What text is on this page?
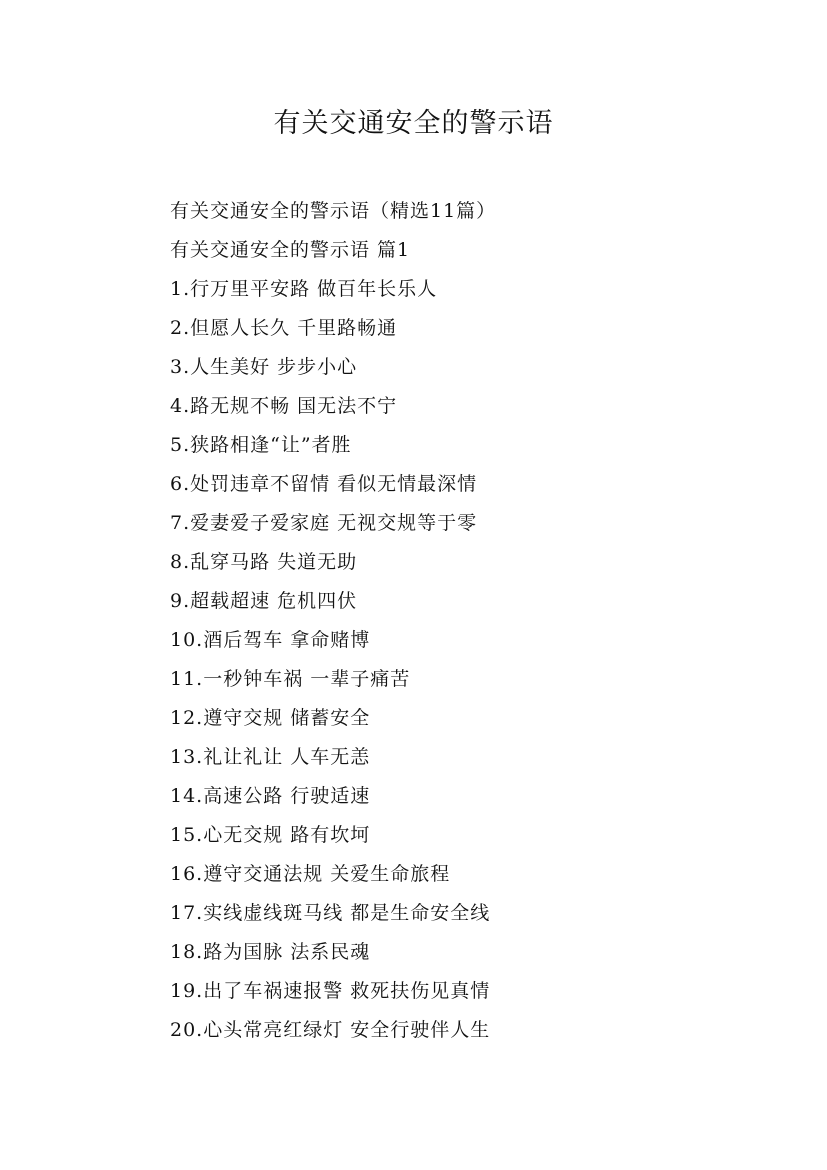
有关交通安全的警示语
有关交通安全的警示语（精选11篇）
有关交通安全的警示语 篇1
1.行万里平安路 做百年长乐人
2.但愿人长久 千里路畅通
3.人生美好 步步小心
4.路无规不畅 国无法不宁
5.狭路相逢“让”者胜
6.处罚违章不留情 看似无情最深情
7.爱妻爱子爱家庭 无视交规等于零
8.乱穿马路 失道无助
9.超载超速 危机四伏
10.酒后驾车 拿命赌博
11.一秒钟车祸 一辈子痛苦
12.遵守交规 储蓄安全
13.礼让礼让 人车无恙
14.高速公路 行驶适速
15.心无交规 路有坎坷
16.遵守交通法规 关爱生命旅程
17.实线虚线斑马线 都是生命安全线
18.路为国脉 法系民魂
19.出了车祸速报警 救死扶伤见真情
20.心头常亮红绿灯 安全行驶伴人生
